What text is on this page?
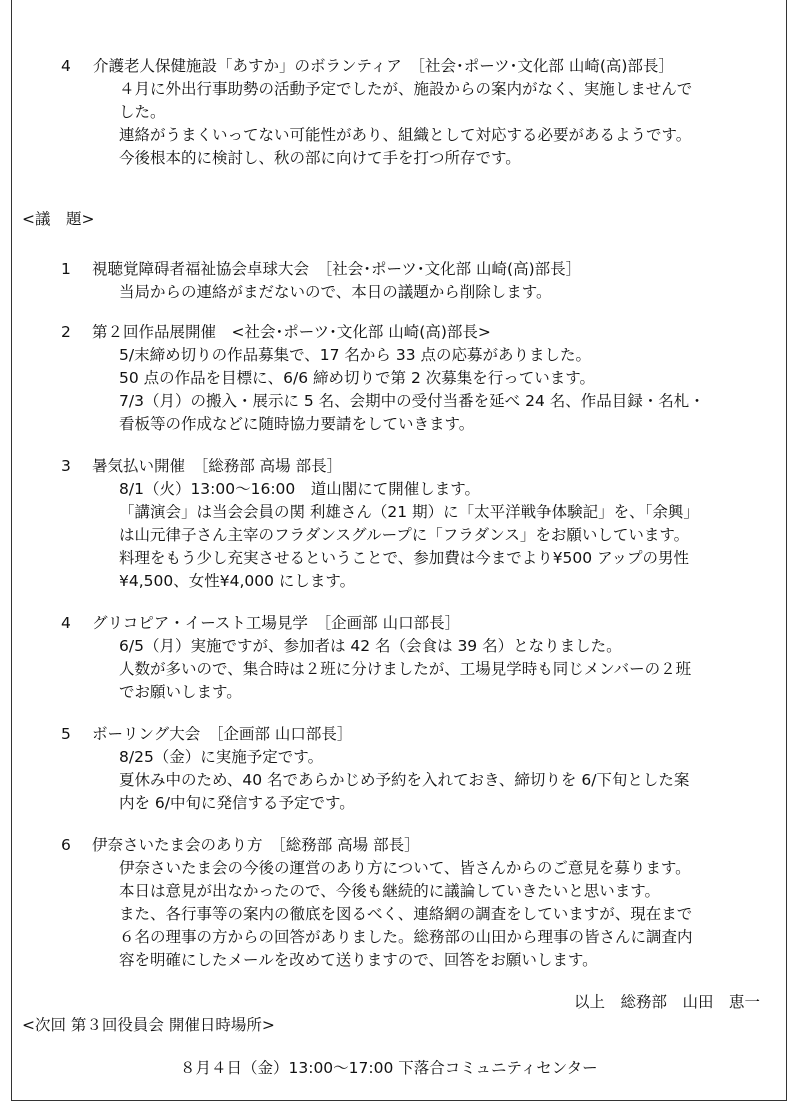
4 介護老人保健施設「あすか」のボランティア　［社会･ポーツ･文化部 山崎(高)部長］
４月に外出行事助勢の活動予定でしたが、施設からの案内がなく、実施しませんで
した。
連絡がうまくいってない可能性があり、組織として対応する必要があるようです。
今後根本的に検討し、秋の部に向けて手を打つ所存です。
<議　題>
1 視聴覚障碍者福祉協会卓球大会　［社会･ポーツ･文化部 山崎(高)部長］
当局からの連絡がまだないので、本日の議題から削除します。
2 第２回作品展開催　<社会･ポーツ･文化部 山崎(高)部長>
5/末締め切りの作品募集で、17 名から 33 点の応募がありました。
50 点の作品を目標に、6/6 締め切りで第 2 次募集を行っています。
7/3（月）の搬入・展示に 5 名、会期中の受付当番を延べ 24 名、作品目録・名札・
看板等の作成などに随時協力要請をしていきます。
3 暑気払い開催　［総務部 高場 部長］
8/1（火）13:00〜16:00　道山閣にて開催します。
「講演会」は当会会員の関 利雄さん（21 期）に「太平洋戦争体験記」を、「余興」
は山元律子さん主宰のフラダンスグループに「フラダンス」をお願いしています。
料理をもう少し充実させるということで、参加費は今までより¥500 アップの男性
¥4,500、女性¥4,000 にします。
4 グリコピア・イースト工場見学　［企画部 山口部長］
6/5（月）実施ですが、参加者は 42 名（会食は 39 名）となりました。
人数が多いので、集合時は２班に分けましたが、工場見学時も同じメンバーの２班
でお願いします。
5 ボーリング大会　［企画部 山口部長］
8/25（金）に実施予定です。
夏休み中のため、40 名であらかじめ予約を入れておき、締切りを 6/下旬とした案
内を 6/中旬に発信する予定です。
6 伊奈さいたま会のあり方　［総務部 高場 部長］
伊奈さいたま会の今後の運営のあり方について、皆さんからのご意見を募ります。
本日は意見が出なかったので、今後も継続的に議論していきたいと思います。
また、各行事等の案内の徹底を図るべく、連絡網の調査をしていますが、現在まで
６名の理事の方からの回答がありました。総務部の山田から理事の皆さんに調査内
容を明確にしたメールを改めて送りますので、回答をお願いします。
以上　総務部　山田　恵一
<次回 第３回役員会 開催日時場所>
８月４日（金）13:00〜17:00 下落合コミュニティセンター
